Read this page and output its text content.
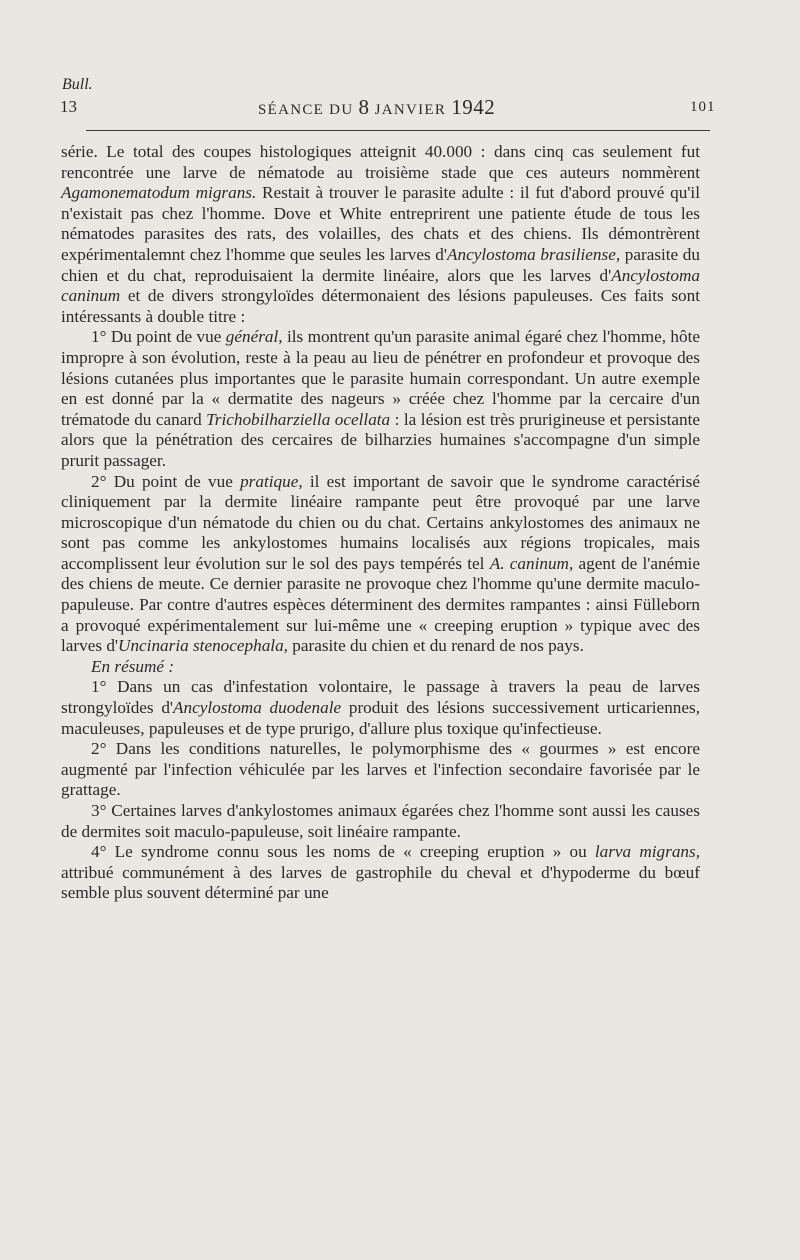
Bull.
13	SÉANCE DU 8 JANVIER 1942	101

série. Le total des coupes histologiques atteignit 40.000 : dans cinq cas seulement fut rencontrée une larve de nématode au troisième stade que ces auteurs nommèrent Agamonematodum migrans. Restait à trouver le parasite adulte : il fut d'abord prouvé qu'il n'existait pas chez l'homme. Dove et White entreprirent une patiente étude de tous les nématodes parasites des rats, des volailles, des chats et des chiens. Ils démontrèrent expérimentalemnt chez l'homme que seules les larves d'Ancylostoma brasiliense, parasite du chien et du chat, reproduisaient la dermite linéaire, alors que les larves d'Ancylostoma caninum et de divers strongyloïdes détermonaient des lésions papuleuses. Ces faits sont intéressants à double titre :

1° Du point de vue général, ils montrent qu'un parasite animal égaré chez l'homme, hôte impropre à son évolution, reste à la peau au lieu de pénétrer en profondeur et provoque des lésions cutanées plus importantes que le parasite humain correspondant. Un autre exemple en est donné par la « dermatite des nageurs » créée chez l'homme par la cercaire d'un trématode du canard Trichobilharziella ocellata : la lésion est très prurigineuse et persistante alors que la pénétration des cercaires de bilharzies humaines s'accompagne d'un simple prurit passager.

2° Du point de vue pratique, il est important de savoir que le syndrome caractérisé cliniquement par la dermite linéaire rampante peut être provoqué par une larve microscopique d'un nématode du chien ou du chat. Certains ankylostomes des animaux ne sont pas comme les ankylostomes humains localisés aux régions tropicales, mais accomplissent leur évolution sur le sol des pays tempérés tel A. caninum, agent de l'anémie des chiens de meute. Ce dernier parasite ne provoque chez l'homme qu'une dermite maculo-papuleuse. Par contre d'autres espèces déterminent des dermites rampantes : ainsi Fülleborn a provoqué expérimentalement sur lui-même une « creeping eruption » typique avec des larves d'Uncinaria stenocephala, parasite du chien et du renard de nos pays.

En résumé :

1° Dans un cas d'infestation volontaire, le passage à travers la peau de larves strongyloïdes d'Ancylostoma duodenale produit des lésions successivement urticariennes, maculeuses, papuleuses et de type prurigo, d'allure plus toxique qu'infectieuse.

2° Dans les conditions naturelles, le polymorphisme des « gourmes » est encore augmenté par l'infection véhiculée par les larves et l'infection secondaire favorisée par le grattage.

3° Certaines larves d'ankylostomes animaux égarées chez l'homme sont aussi les causes de dermites soit maculo-papuleuse, soit linéaire rampante.

4° Le syndrome connu sous les noms de « creeping eruption » ou larva migrans, attribué communément à des larves de gastrophile du cheval et d'hypoderme du bœuf semble plus souvent déterminé par une
